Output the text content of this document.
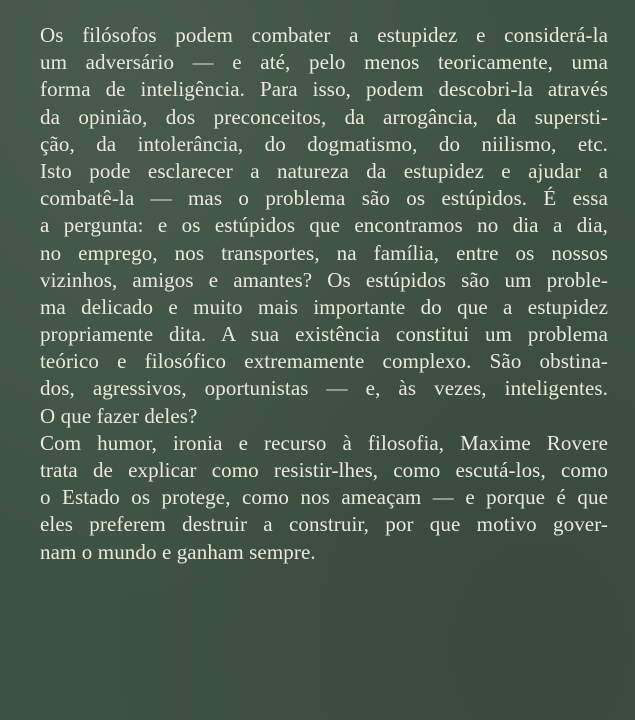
Os filósofos podem combater a estupidez e considerá-la
um adversário — e até, pelo menos teoricamente, uma
forma de inteligência. Para isso, podem descobri-la através
da opinião, dos preconceitos, da arrogância, da supersti-
ção, da intolerância, do dogmatismo, do niilismo, etc.
Isto pode esclarecer a natureza da estupidez e ajudar a
combatê-la — mas o problema são os estúpidos. É essa
a pergunta: e os estúpidos que encontramos no dia a dia,
no emprego, nos transportes, na família, entre os nossos
vizinhos, amigos e amantes? Os estúpidos são um proble-
ma delicado e muito mais importante do que a estupidez
propriamente dita. A sua existência constitui um problema
teórico e filosófico extremamente complexo. São obstina-
dos, agressivos, oportunistas — e, às vezes, inteligentes.
O que fazer deles?
Com humor, ironia e recurso à filosofia, Maxime Rovere
trata de explicar como resistir-lhes, como escutá-los, como
o Estado os protege, como nos ameaçam — e porque é que
eles preferem destruir a construir, por que motivo gover-
nam o mundo e ganham sempre.
